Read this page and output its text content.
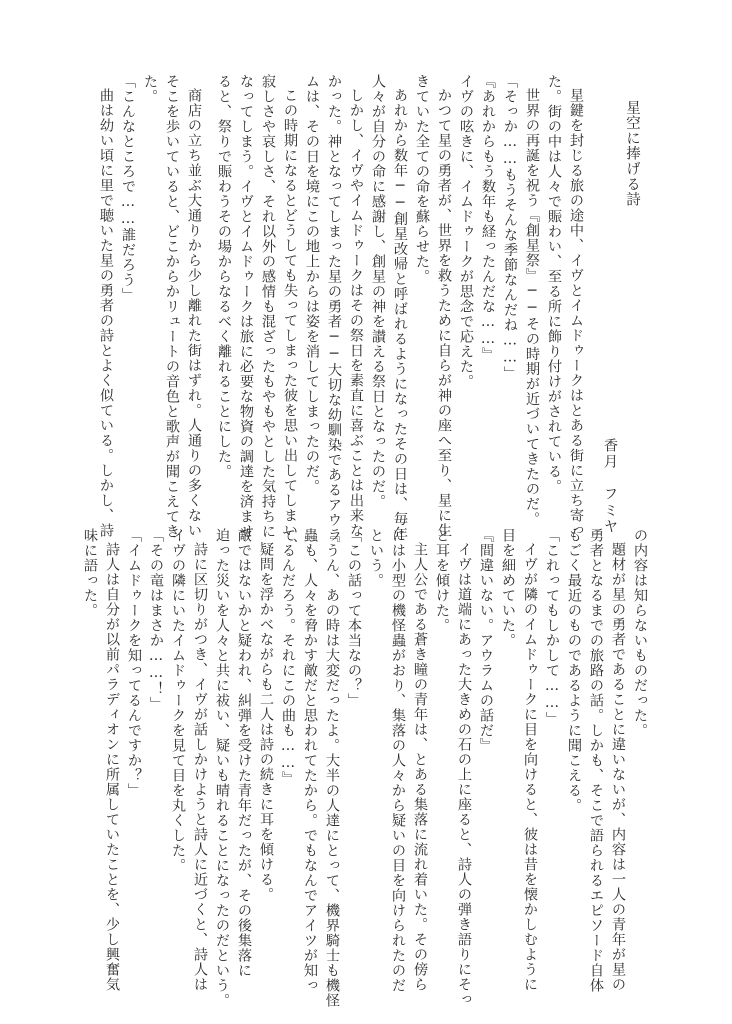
星空に捧げる詩
香月　フミヤ
星鍵を封じる旅の途中、イヴとイムドゥークはとある街に立ち寄っ
た。街の中は人々で賑わい、至る所に飾り付けがされている。
世界の再誕を祝う『創星祭』──その時期が近づいてきたのだ。
「そっか……もうそんな季節なんだね……」
『あれからもう数年も経ったんだな……』
イヴの呟きに、イムドゥークが思念で応えた。
かつて星の勇者が、世界を救うために自らが神の座へ至り、星に生
きていた全ての命を蘇らせた。
あれから数年──創星改帰と呼ばれるようになったその日は、毎年
人々が自分の命に感謝し、創星の神を讃える祭日となったのだ。
しかし、イヴやイムドゥークはその祭日を素直に喜ぶことは出来な
かった。神となってしまった星の勇者──大切な幼馴染であるアウラ
ムは、その日を境にこの地上からは姿を消してしまったのだ。
この時期になるとどうしても失ってしまった彼を思い出してしまい、
寂しさや哀しさ、それ以外の感情も混ざったもやもやとした気持ちに
なってしまう。イヴとイムドゥークは旅に必要な物資の調達を済ませ
ると、祭りで賑わうその場からなるべく離れることにした。
商店の立ち並ぶ大通りから少し離れた街はずれ。人通りの多くない
そこを歩いていると、どこからかリュートの音色と歌声が聞こえてき
た。
「こんなところで……誰だろう」
曲は幼い頃に里で聴いた星の勇者の詩とよく似ている。しかし、詩
の内容は知らないものだった。
題材が星の勇者であることに違いないが、内容は一人の青年が星の
勇者となるまでの旅路の話。しかも、そこで語られるエピソード自体
もごく最近のものであるように聞こえる。
「これってもしかして……」
イヴが隣のイムドゥークに目を向けると、彼は昔を懐かしむように
目を細めていた。
『間違いない。アウラムの話だ』
イヴは道端にあった大きめの石の上に座ると、詩人の弾き語りにそっ
と耳を傾けた。
主人公である蒼き瞳の青年は、とある集落に流れ着いた。その傍ら
には小型の機怪蟲がおり、集落の人々から疑いの目を向けられたのだ
という。
「この話って本当なの？」
『うん、あの時は大変だったよ。大半の人達にとって、機界騎士も機怪
蟲も、人々を脅かす敵だと思われてたから。でもなんでアイツが知っ
てるんだろう。それにこの曲も……』
疑問を浮かべながらも二人は詩の続きに耳を傾ける。
敵ではないかと疑われ、糾弾を受けた青年だったが、その後集落に
迫った災いを人々と共に祓い、疑いも晴れることになったのだという。
詩に区切りがつき、イヴが話しかけようと詩人に近づくと、詩人は
イヴの隣にいたイムドゥークを見て目を丸くした。
「その竜はまさか……！」
「イムドゥークを知ってるんですか？」
詩人は自分が以前パラディオンに所属していたことを、少し興奮気
味に語った。
